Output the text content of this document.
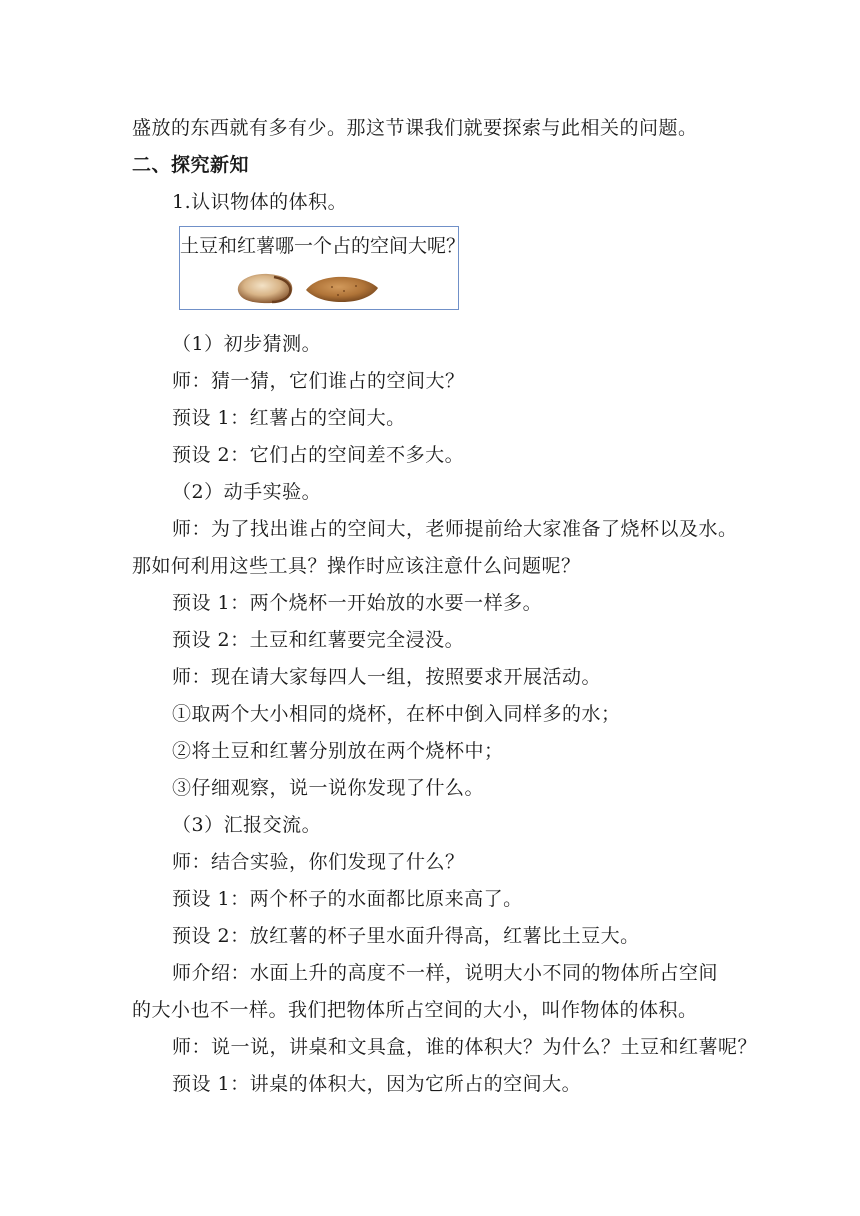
盛放的东西就有多有少。那这节课我们就要探索与此相关的问题。
二、探究新知
1.认识物体的体积。
土豆和红薯哪一个占的空间大呢？
（1）初步猜测。
师：猜一猜，它们谁占的空间大？
预设 1：红薯占的空间大。
预设 2：它们占的空间差不多大。
（2）动手实验。
师：为了找出谁占的空间大，老师提前给大家准备了烧杯以及水。
那如何利用这些工具？操作时应该注意什么问题呢？
预设 1：两个烧杯一开始放的水要一样多。
预设 2：土豆和红薯要完全浸没。
师：现在请大家每四人一组，按照要求开展活动。
①取两个大小相同的烧杯，在杯中倒入同样多的水；
②将土豆和红薯分别放在两个烧杯中；
③仔细观察，说一说你发现了什么。
（3）汇报交流。
师：结合实验，你们发现了什么？
预设 1：两个杯子的水面都比原来高了。
预设 2：放红薯的杯子里水面升得高，红薯比土豆大。
师介绍：水面上升的高度不一样，说明大小不同的物体所占空间
的大小也不一样。我们把物体所占空间的大小，叫作物体的体积。
师：说一说，讲桌和文具盒，谁的体积大？为什么？土豆和红薯呢？
预设 1：讲桌的体积大，因为它所占的空间大。
